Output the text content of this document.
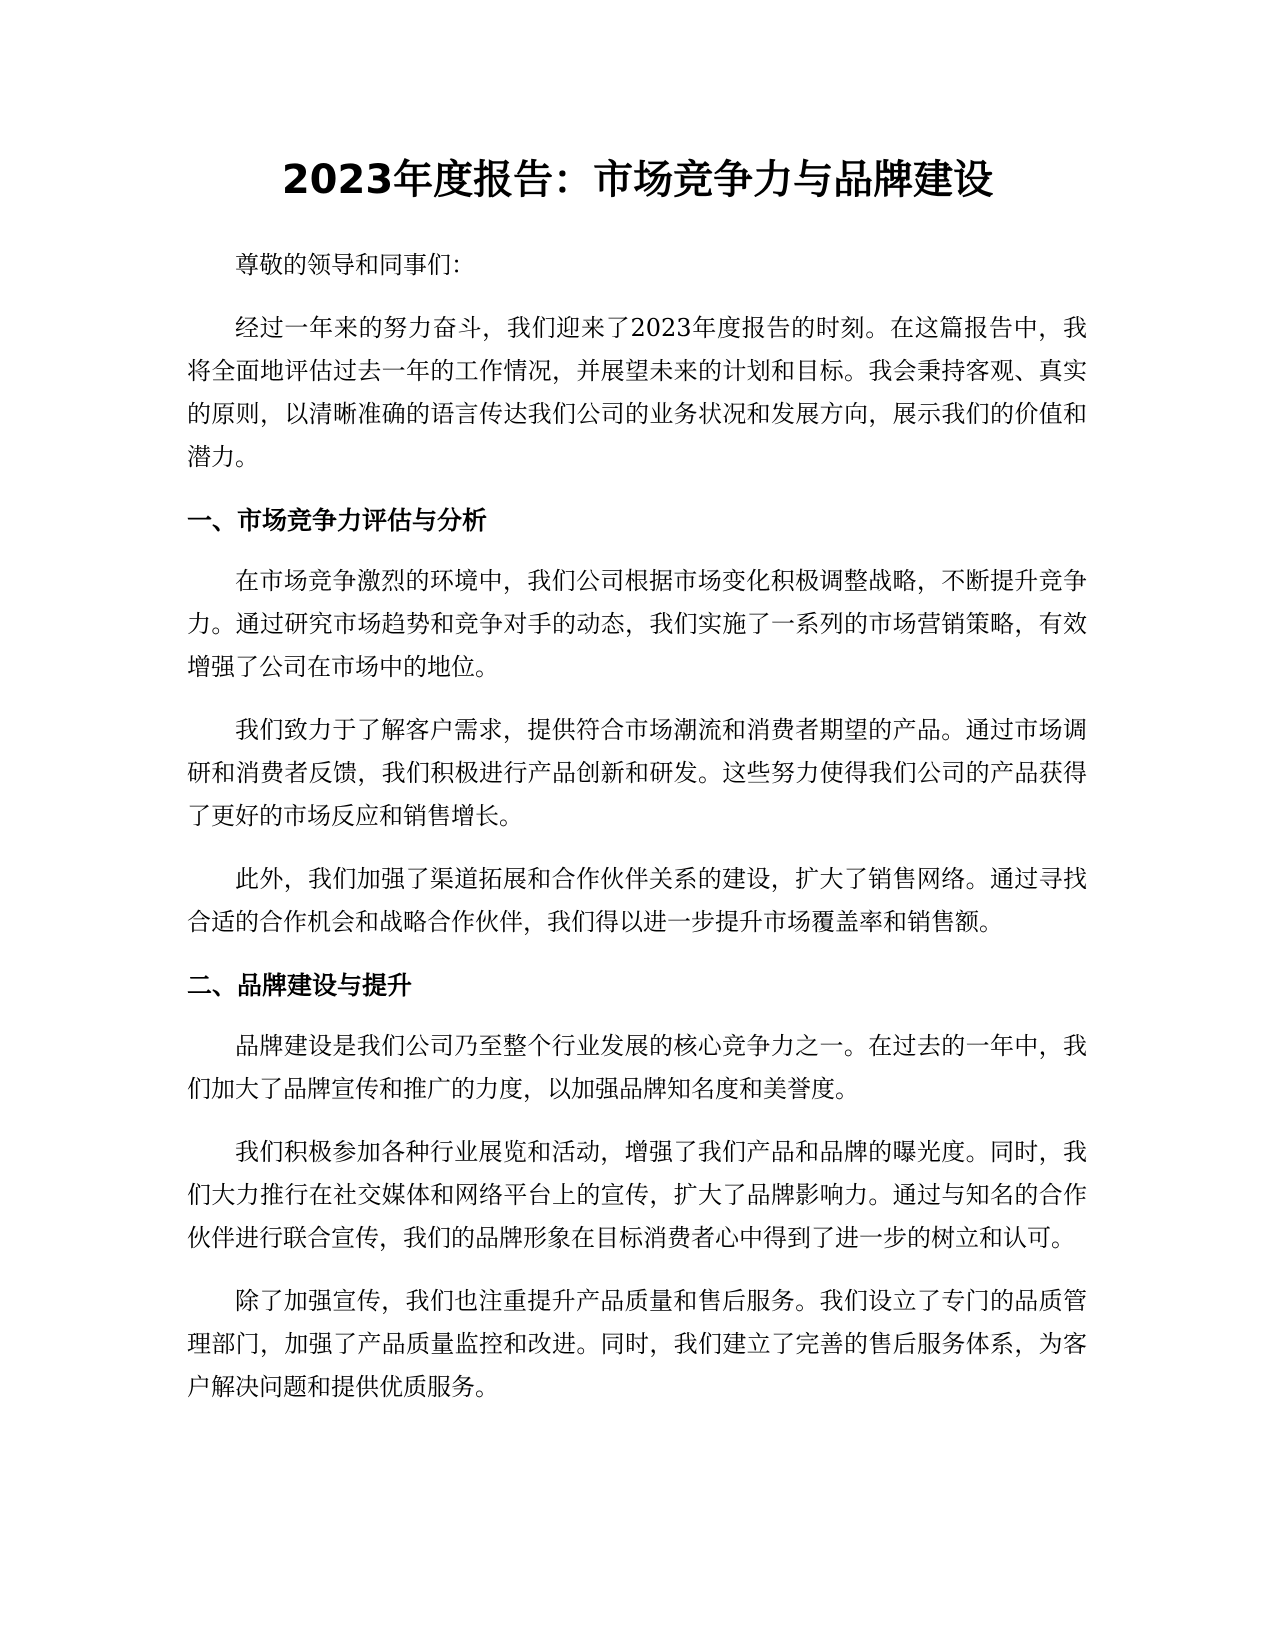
2023年度报告：市场竞争力与品牌建设

尊敬的领导和同事们：

经过一年来的努力奋斗，我们迎来了2023年度报告的时刻。在这篇报告中，我将全面地评估过去一年的工作情况，并展望未来的计划和目标。我会秉持客观、真实的原则，以清晰准确的语言传达我们公司的业务状况和发展方向，展示我们的价值和潜力。

一、市场竞争力评估与分析

在市场竞争激烈的环境中，我们公司根据市场变化积极调整战略，不断提升竞争力。通过研究市场趋势和竞争对手的动态，我们实施了一系列的市场营销策略，有效增强了公司在市场中的地位。

我们致力于了解客户需求，提供符合市场潮流和消费者期望的产品。通过市场调研和消费者反馈，我们积极进行产品创新和研发。这些努力使得我们公司的产品获得了更好的市场反应和销售增长。

此外，我们加强了渠道拓展和合作伙伴关系的建设，扩大了销售网络。通过寻找合适的合作机会和战略合作伙伴，我们得以进一步提升市场覆盖率和销售额。

二、品牌建设与提升

品牌建设是我们公司乃至整个行业发展的核心竞争力之一。在过去的一年中，我们加大了品牌宣传和推广的力度，以加强品牌知名度和美誉度。

我们积极参加各种行业展览和活动，增强了我们产品和品牌的曝光度。同时，我们大力推行在社交媒体和网络平台上的宣传，扩大了品牌影响力。通过与知名的合作伙伴进行联合宣传，我们的品牌形象在目标消费者心中得到了进一步的树立和认可。

除了加强宣传，我们也注重提升产品质量和售后服务。我们设立了专门的品质管理部门，加强了产品质量监控和改进。同时，我们建立了完善的售后服务体系，为客户解决问题和提供优质服务。
